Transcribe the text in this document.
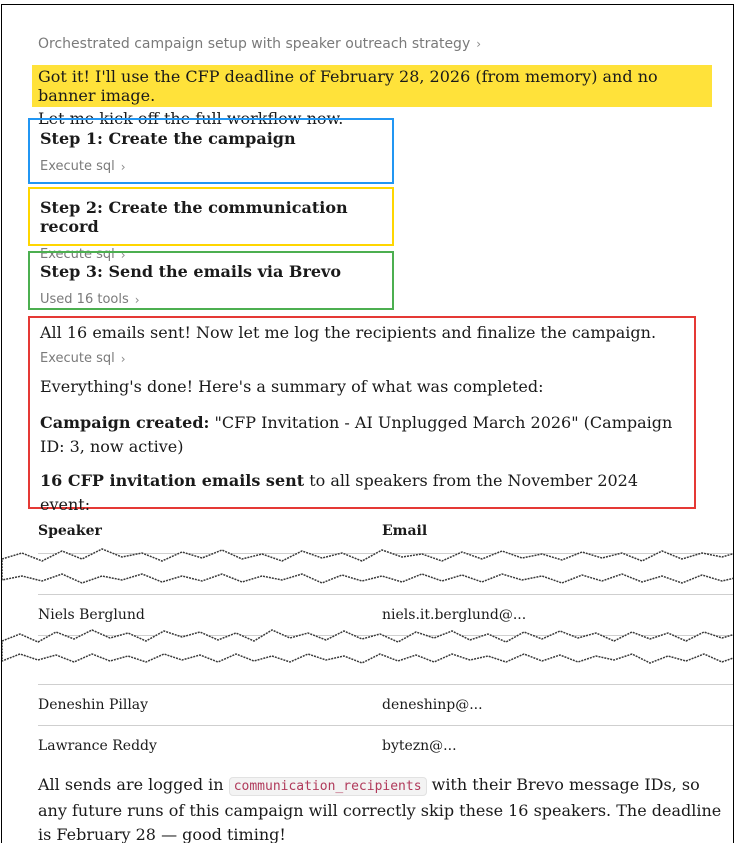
Orchestrated campaign setup with speaker outreach strategy ›
Got it! I'll use the CFP deadline of February 28, 2026 (from memory) and no banner image.
Let me kick off the full workflow now.
Step 1: Create the campaign
Execute sql ›
Step 2: Create the communication record
Execute sql ›
Step 3: Send the emails via Brevo
Used 16 tools ›

All 16 emails sent! Now let me log the recipients and finalize the campaign.

Execute sql ›

Everything's done! Here's a summary of what was completed:

Campaign created: "CFP Invitation - AI Unplugged March 2026" (Campaign ID: 3, now active)

16 CFP invitation emails sent to all speakers from the November 2024 event:

Speaker	Email

Niels Berglund	niels.it.berglund@...

Deneshin Pillay	deneshinp@...
Lawrance Reddy	bytezn@...
All sends are logged in communication_recipients with their Brevo message IDs, so any future runs of this campaign will correctly skip these 16 speakers. The deadline is February 28 — good timing!
